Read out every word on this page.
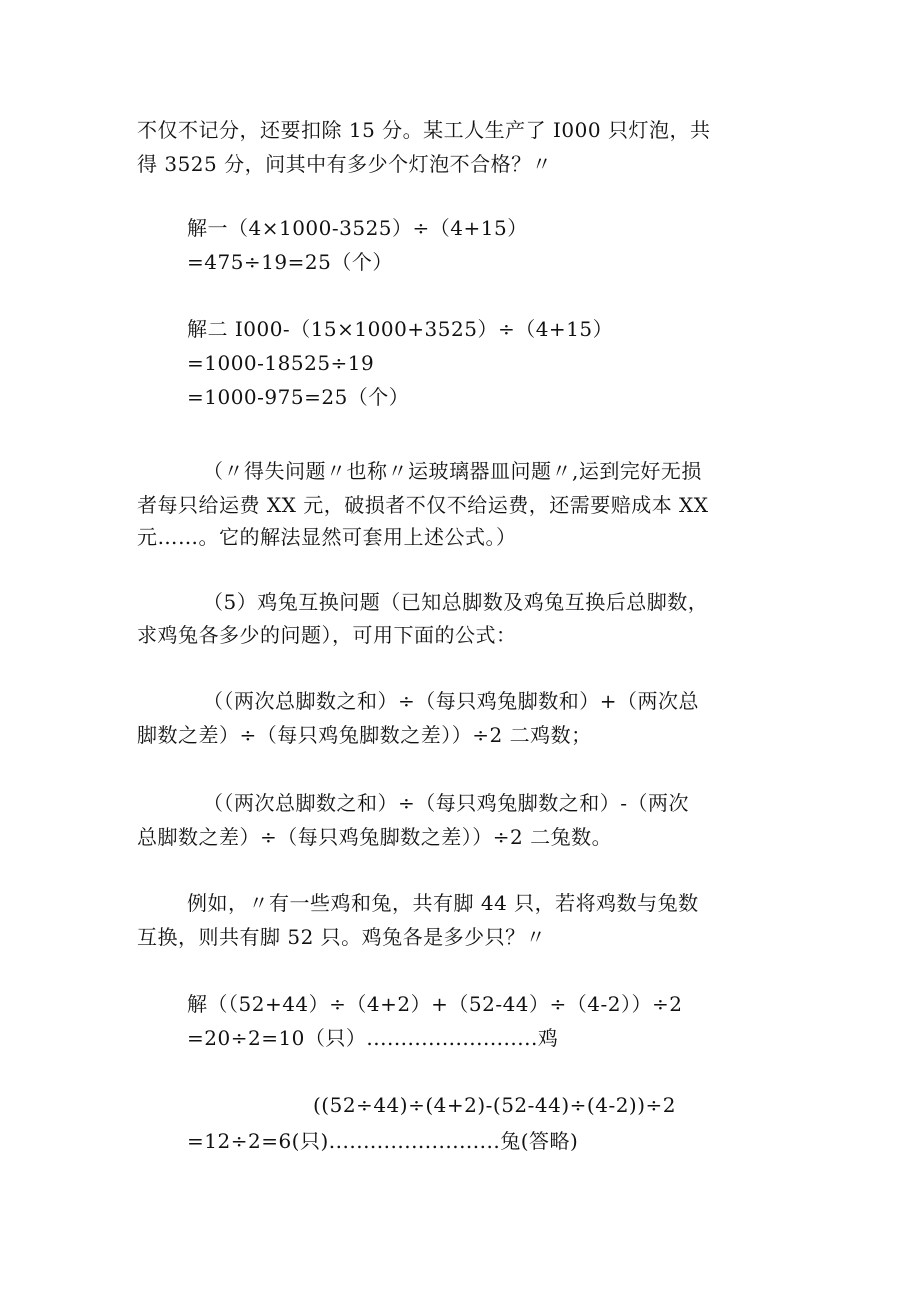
不仅不记分，还要扣除 15 分。某工人生产了 I000 只灯泡，共
得 3525 分，问其中有多少个灯泡不合格？〃
解一（4×1000-3525）÷（4+15）
=475÷19=25（个）
解二 I000-（15×1000+3525）÷（4+15）
=1000-18525÷19
=1000-975=25（个）
（〃得失问题〃也称〃运玻璃器皿问题〃,运到完好无损
者每只给运费 XX 元，破损者不仅不给运费，还需要赔成本 XX
元……。它的解法显然可套用上述公式。）
（5）鸡兔互换问题（已知总脚数及鸡兔互换后总脚数，
求鸡兔各多少的问题），可用下面的公式：
（（两次总脚数之和）÷（每只鸡兔脚数和）+（两次总
脚数之差）÷（每只鸡兔脚数之差））÷2 二鸡数；
（（两次总脚数之和）÷（每只鸡兔脚数之和）-（两次
总脚数之差）÷（每只鸡兔脚数之差））÷2 二兔数。
例如，〃有一些鸡和兔，共有脚 44 只，若将鸡数与兔数
互换，则共有脚 52 只。鸡兔各是多少只？〃
解（（52+44）÷（4+2）+（52-44）÷（4-2））÷2
=20÷2=10（只）.........................鸡
((52÷44)÷(4+2)-(52-44)÷(4-2))÷2
=12÷2=6(只).........................兔(答略)
